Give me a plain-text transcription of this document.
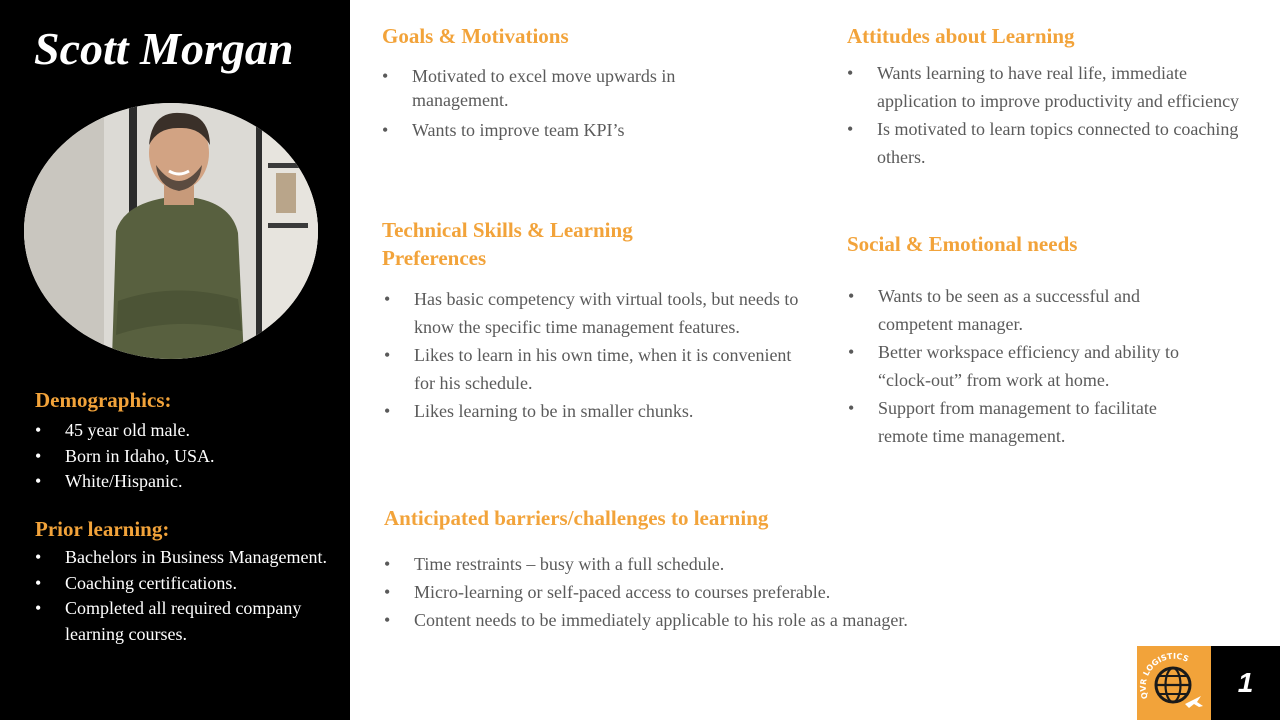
Scott Morgan
Demographics:
• 45 year old male.
• Born in Idaho, USA.
• White/Hispanic.
Prior learning:
• Bachelors in Business Management.
• Coaching certifications.
• Completed all required company learning courses.
Goals & Motivations
• Motivated to excel move upwards in management.
• Wants to improve team KPI’s
Attitudes about Learning
• Wants learning to have real life, immediate application to improve productivity and efficiency
• Is motivated to learn topics connected to coaching others.
Technical Skills & Learning Preferences
• Has basic competency with virtual tools, but needs to know the specific time management features.
• Likes to learn in his own time, when it is convenient for his schedule.
• Likes learning to be in smaller chunks.
Social & Emotional needs
• Wants to be seen as a successful and competent manager.
• Better workspace efficiency and ability to “clock-out” from work at home.
• Support from management to facilitate remote time management.
Anticipated barriers/challenges to learning
• Time restraints – busy with a full schedule.
• Micro-learning or self-paced access to courses preferable.
• Content needs to be immediately applicable to his role as a manager.
QVR LOGISTICS
1
